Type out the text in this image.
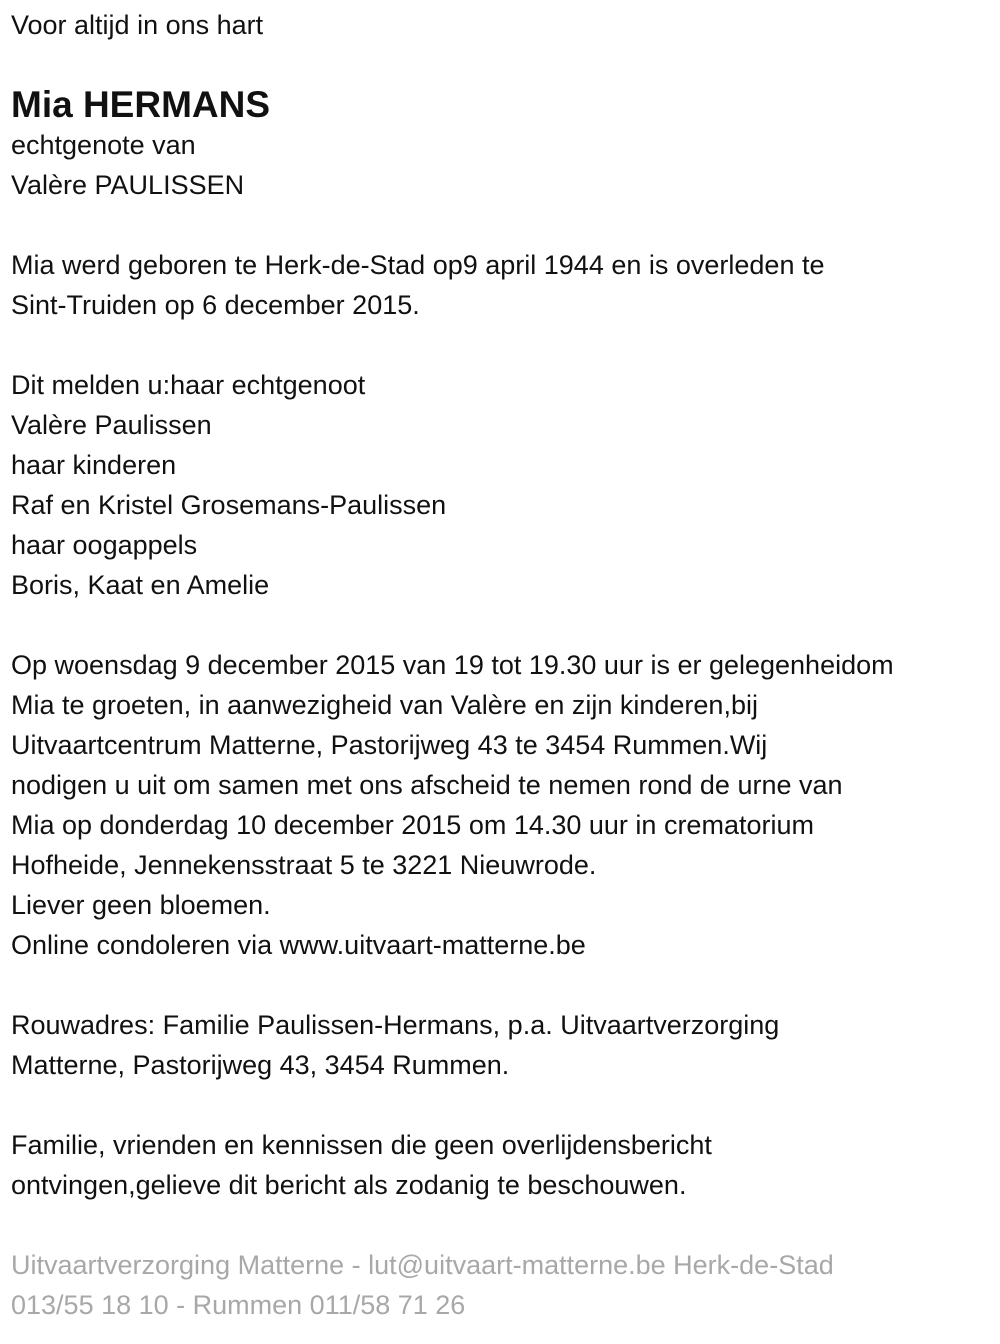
Voor altijd in ons hart
Mia HERMANS
echtgenote van
Valère PAULISSEN
Mia werd geboren te Herk-de-Stad op9 april 1944 en is overleden te
Sint-Truiden op 6 december 2015.
Dit melden u:haar echtgenoot
Valère Paulissen
haar kinderen
Raf en Kristel Grosemans-Paulissen
haar oogappels
Boris, Kaat en Amelie
Op woensdag 9 december 2015 van 19 tot 19.30 uur is er gelegenheidom
Mia te groeten, in aanwezigheid van Valère en zijn kinderen,bij
Uitvaartcentrum Matterne, Pastorijweg 43 te 3454 Rummen.Wij
nodigen u uit om samen met ons afscheid te nemen rond de urne van
Mia op donderdag 10 december 2015 om 14.30 uur in crematorium
Hofheide, Jennekensstraat 5 te 3221 Nieuwrode.
Liever geen bloemen.
Online condoleren via www.uitvaart-matterne.be
Rouwadres: Familie Paulissen-Hermans, p.a. Uitvaartverzorging
Matterne, Pastorijweg 43, 3454 Rummen.
Familie, vrienden en kennissen die geen overlijdensbericht
ontvingen,gelieve dit bericht als zodanig te beschouwen.
Uitvaartverzorging Matterne - lut@uitvaart-matterne.be Herk-de-Stad
013/55 18 10 - Rummen 011/58 71 26
